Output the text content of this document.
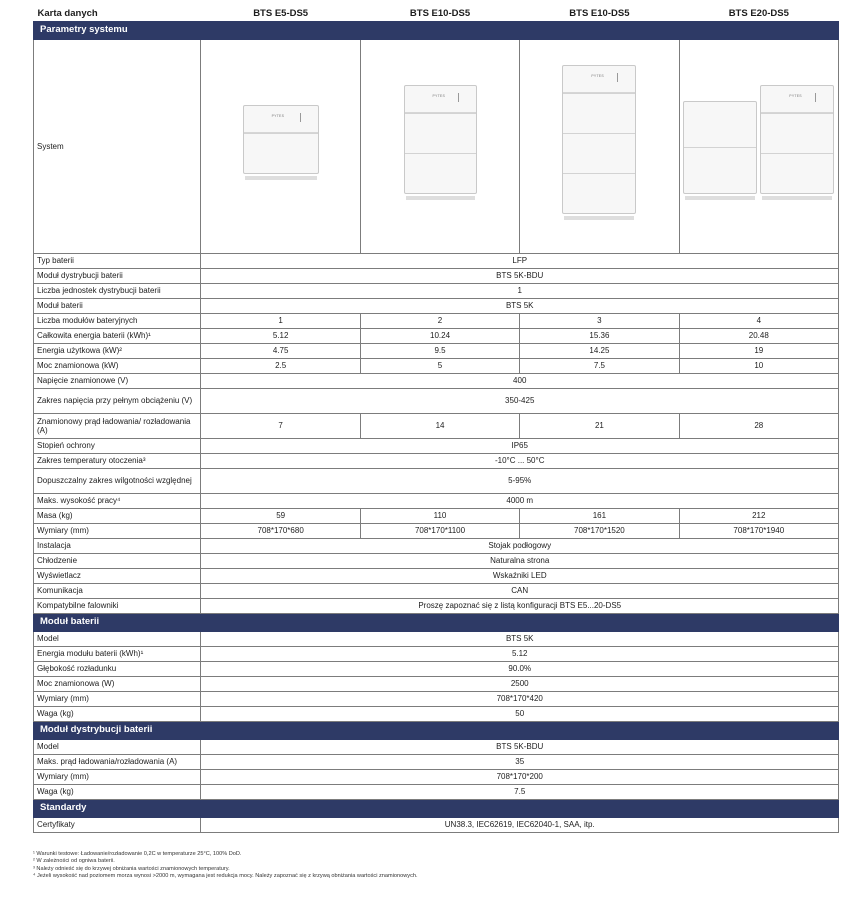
Karta danych	BTS E5-DS5	BTS E10-DS5	BTS E10-DS5	BTS E20-DS5
Parametry systemu				
System	PYTES	PYTES	PYTES	PYTES

Typ baterii	LFP			
Moduł dystrybucji baterii	BTS 5K-BDU			
Liczba jednostek dystrybucji baterii	1			
Moduł baterii	BTS 5K			
Liczba modułów bateryjnych	1	2	3	4
Całkowita energia baterii (kWh)¹	5.12	10.24	15.36	20.48
Energia użytkowa (kW)²	4.75	9.5	14.25	19
Moc znamionowa (kW)	2.5	5	7.5	10
Napięcie znamionowe (V)	400			
Zakres napięcia przy pełnym obciążeniu (V)	350-425			
Znamionowy prąd ładowania/ rozładowania (A)	7	14	21	28
Stopień ochrony	IP65			
Zakres temperatury otoczenia³	-10°C ... 50°C			
Dopuszczalny zakres wilgotności względnej	5-95%			
Maks. wysokość pracy⁴	4000 m			
Masa (kg)	59	110	161	212
Wymiary (mm)	708*170*680	708*170*1100	708*170*1520	708*170*1940
Instalacja	Stojak podłogowy			
Chłodzenie	Naturalna strona			
Wyświetlacz	Wskaźniki LED			
Komunikacja	CAN			
Kompatybilne falowniki	Proszę zapoznać się z listą konfiguracji BTS E5...20-DS5			
Moduł baterii				
Model	BTS 5K			
Energia modułu baterii (kWh)¹	5.12			
Głębokość rozładunku	90.0%			
Moc znamionowa (W)	2500			
Wymiary (mm)	708*170*420			
Waga (kg)	50			
Moduł dystrybucji baterii				
Model	BTS 5K-BDU			
Maks. prąd ładowania/rozładowania (A)	35			
Wymiary (mm)	708*170*200			
Waga (kg)	7.5			
Standardy				
Certyfikaty	UN38.3, IEC62619, IEC62040-1, SAA, itp.			
¹ Warunki testowe: Ładowanie/rozładowanie 0,2C w temperaturze 25°C, 100% DoD.
² W zależności od ogniwa baterii.
³ Należy odnieść się do krzywej obniżania wartości znamionowych temperatury.
⁴ Jeżeli wysokość nad poziomem morza wynosi >2000 m, wymagana jest redukcja mocy. Należy zapoznać się z krzywą obniżania wartości znamionowych.
